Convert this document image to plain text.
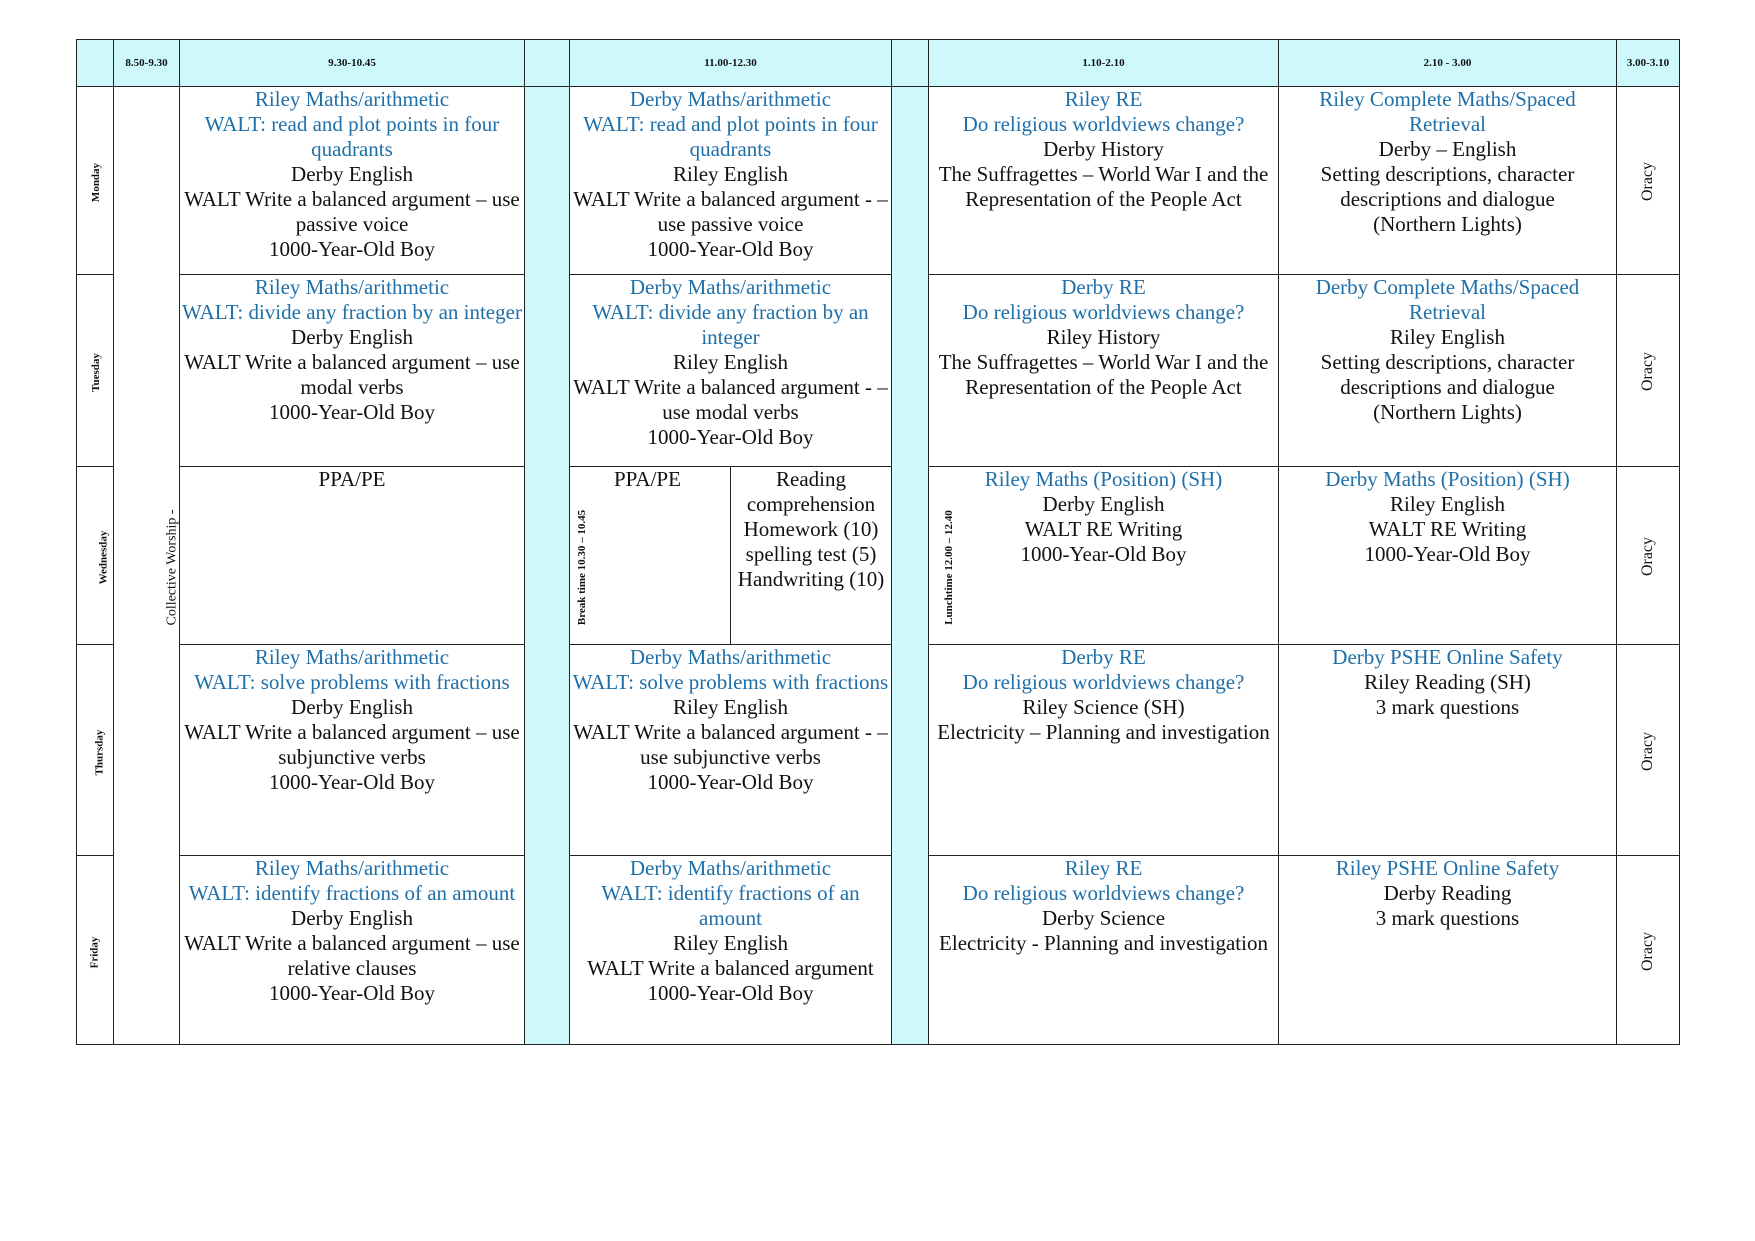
	8.50-9.30	9.30-10.45		11.00-12.30			1.10-2.10	2.10 - 3.00	3.00-3.10
Monday	Collective Worship -	Riley Maths/arithmetic
WALT: read and plot points in four quadrants
Derby English
WALT Write a balanced argument – use passive voice
1000-Year-Old Boy	Break time 10.30 – 10.45	Derby Maths/arithmetic
WALT: read and plot points in four quadrants
Riley English
WALT Write a balanced argument - – use passive voice
1000-Year-Old Boy		Lunchtime 12.00 – 12.40	Riley RE
Do religious worldviews change?
Derby History
The Suffragettes – World War I and the Representation of the People Act	Riley Complete Maths/Spaced Retrieval
Derby – English
Setting descriptions, character descriptions and dialogue
(Northern Lights)	Oracy
Tuesday		Riley Maths/arithmetic
WALT: divide any fraction by an integer
Derby English
WALT Write a balanced argument – use modal verbs
1000-Year-Old Boy		Derby Maths/arithmetic
WALT: divide any fraction by an integer
Riley English
WALT Write a balanced argument - – use modal verbs
1000-Year-Old Boy			Derby RE
Do religious worldviews change?
Riley History
The Suffragettes – World War I and the Representation of the People Act	Derby Complete Maths/Spaced Retrieval
Riley English
Setting descriptions, character descriptions and dialogue
(Northern Lights)	Oracy
Wednesday		PPA/PE		PPA/PE	Reading comprehension Homework (10) spelling test (5) Handwriting (10)		Riley Maths (Position) (SH)
Derby English
WALT RE Writing
1000-Year-Old Boy	Derby Maths (Position) (SH)
Riley English
WALT RE Writing
1000-Year-Old Boy	Oracy
Thursday		Riley Maths/arithmetic
WALT: solve problems with fractions
Derby English
WALT Write a balanced argument – use subjunctive verbs
1000-Year-Old Boy		Derby Maths/arithmetic
WALT: solve problems with fractions
Riley English
WALT Write a balanced argument - – use subjunctive verbs
1000-Year-Old Boy			Derby RE
Do religious worldviews change?
Riley Science (SH)
Electricity – Planning and investigation	Derby PSHE Online Safety
Riley Reading (SH)
3 mark questions	Oracy
Friday		Riley Maths/arithmetic
WALT: identify fractions of an amount
Derby English
WALT Write a balanced argument – use relative clauses
1000-Year-Old Boy		Derby Maths/arithmetic
WALT: identify fractions of an amount
Riley English
WALT Write a balanced argument
1000-Year-Old Boy			Riley RE
Do religious worldviews change?
Derby Science
Electricity - Planning and investigation	Riley PSHE Online Safety
Derby Reading
3 mark questions	Oracy
